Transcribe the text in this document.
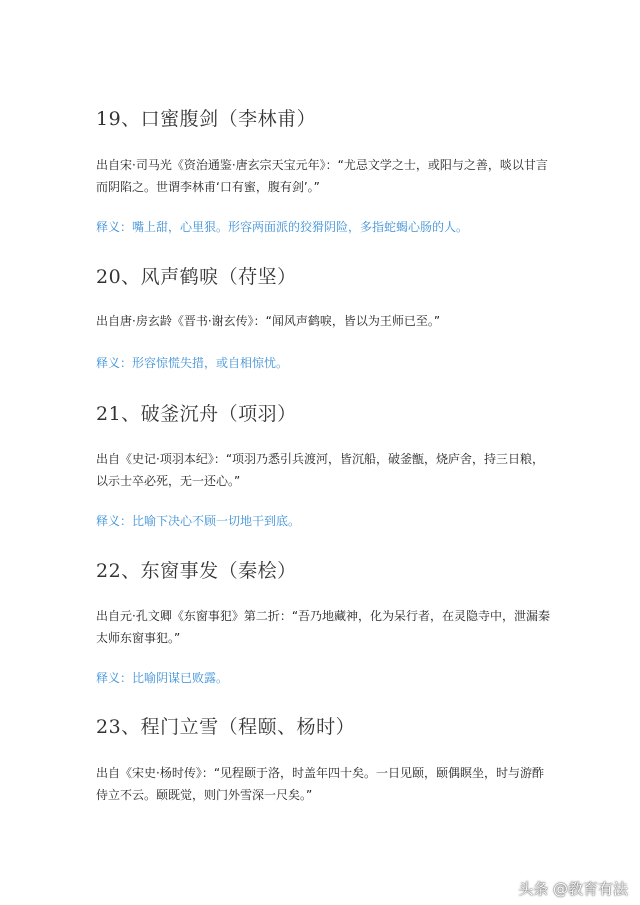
19、口蜜腹剑（李林甫）
出自宋·司马光《资治通鉴·唐玄宗天宝元年》：“尤忌文学之士，或阳与之善，啖以甘言而阴陷之。世谓李林甫‘口有蜜，腹有剑’。”
释义：嘴上甜，心里狠。形容两面派的狡猾阴险，多指蛇蝎心肠的人。
20、风声鹤唳（苻坚）
出自唐·房玄龄《晋书·谢玄传》：“闻风声鹤唳，皆以为王师已至。”
释义：形容惊慌失措，或自相惊忧。
21、破釜沉舟（项羽）
出自《史记·项羽本纪》：“项羽乃悉引兵渡河，皆沉船，破釜甑，烧庐舍，持三日粮，以示士卒必死，无一还心。”
释义：比喻下决心不顾一切地干到底。
22、东窗事发（秦桧）
出自元·孔文卿《东窗事犯》第二折：“吾乃地藏神，化为呆行者，在灵隐寺中，泄漏秦太师东窗事犯。”
释义：比喻阴谋已败露。
23、程门立雪（程颐、杨时）
出自《宋史·杨时传》：“见程颐于洛，时盖年四十矣。一日见颐，颐偶瞑坐，时与游酢侍立不云。颐既觉，则门外雪深一尺矣。”
头条 @教育有法
